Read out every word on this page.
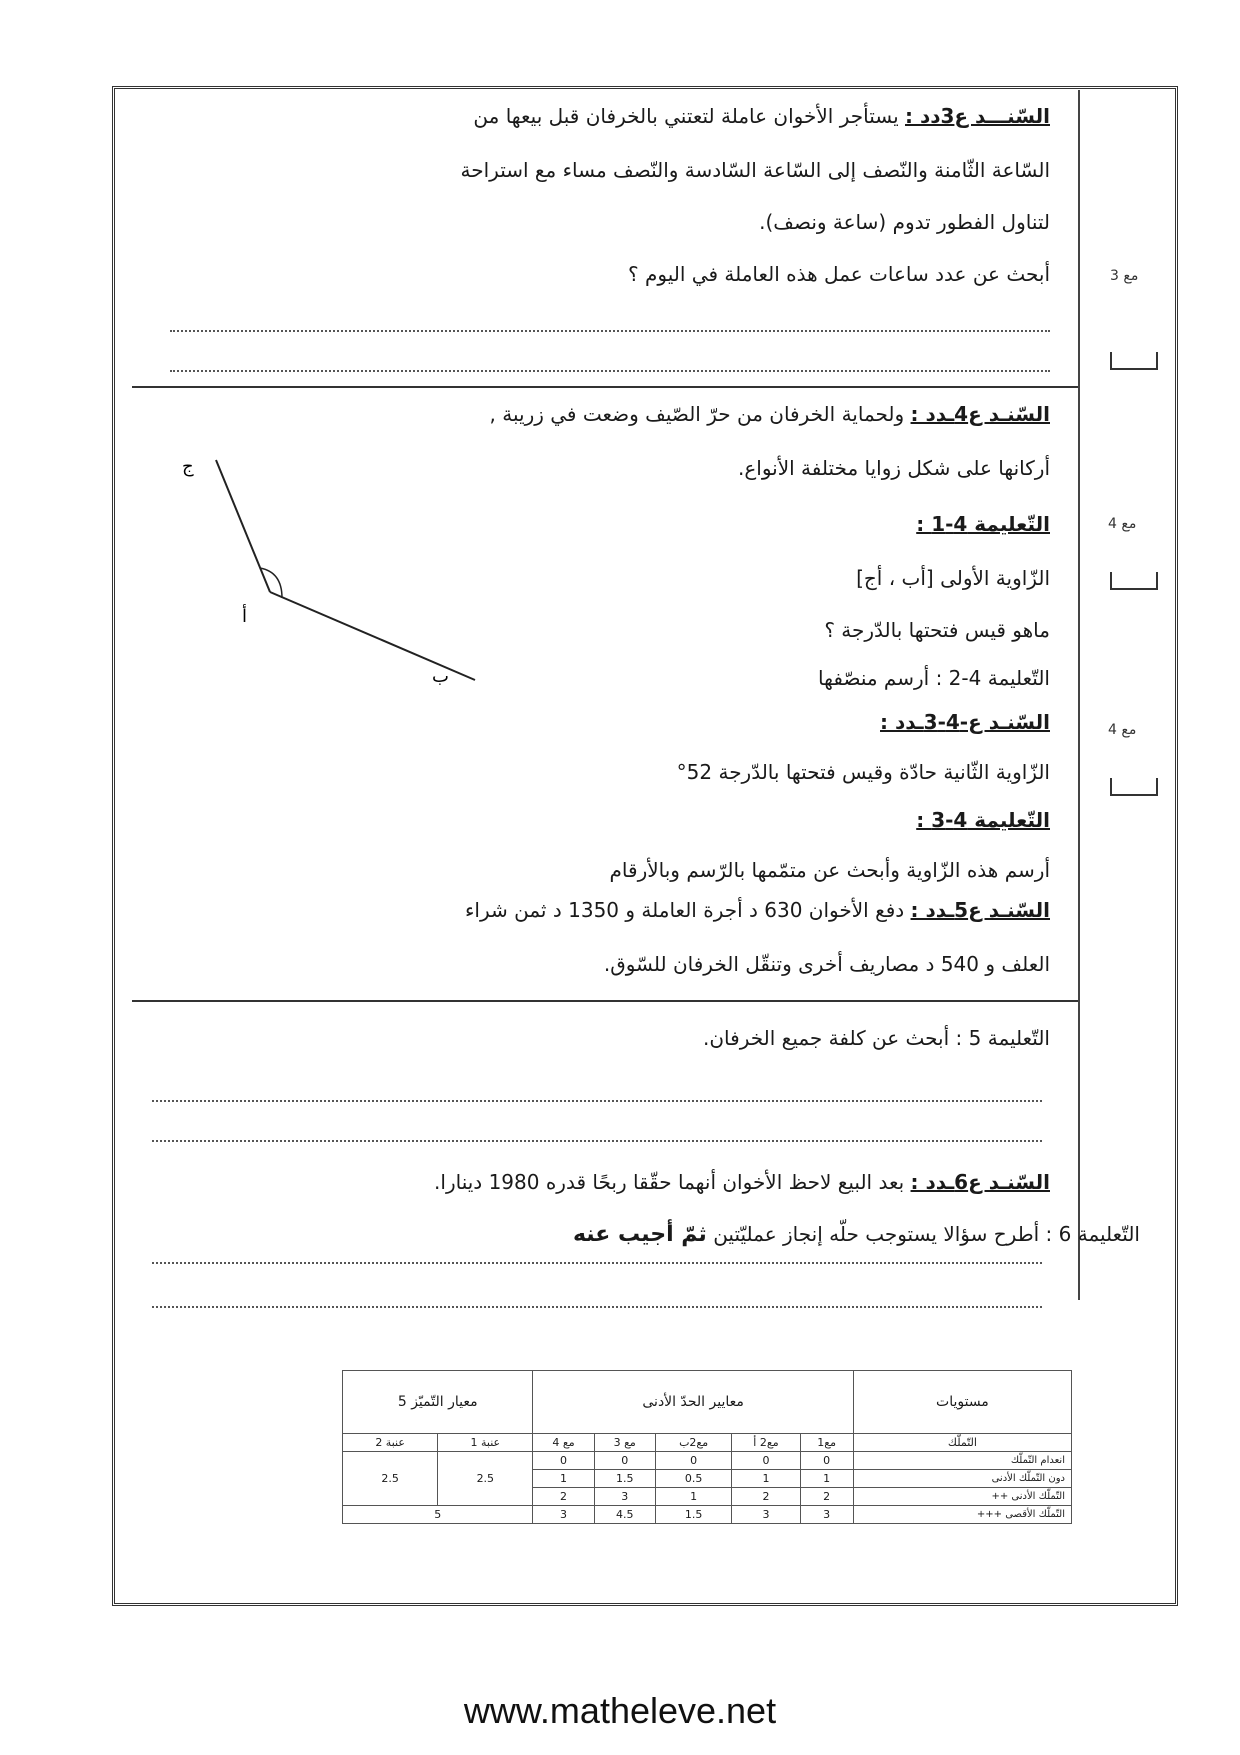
السّنـــد ع3دد : يستأجر الأخوان عاملة لتعتني بالخرفان قبل بيعها من
السّاعة الثّامنة والنّصف إلى السّاعة السّادسة والنّصف مساء مع استراحة
لتناول الفطور تدوم (ساعة ونصف).
أبحث عن عدد ساعات عمل هذه العاملة في اليوم ؟	مع 3
السّنـد ع4ـدد : ولحماية الخرفان من حرّ الصّيف وضعت في زريبة ,
أركانها على شكل زوايا مختلفة الأنواع.
التّعليمة 4-1 :
الزّاوية الأولى [أب ، أج]
ماهو قيس فتحتها بالدّرجة ؟
التّعليمة 4-2 : أرسم منصّفها
مع 4
ج
أ
ب
السّنـد ع-4-3ـدد :
الزّاوية الثّانية حادّة وقيس فتحتها بالدّرجة 52°
التّعليمة 4-3 :
أرسم هذه الزّاوية وأبحث عن متمّمها بالرّسم وبالأرقام
مع 4
السّنـد ع5ـدد : دفع الأخوان 630 د أجرة العاملة و 1350 د ثمن شراء
العلف و 540 د مصاريف أخرى وتنقّل الخرفان للسّوق.
التّعليمة 5 : أبحث عن كلفة جميع الخرفان.
السّنـد ع6ـدد : بعد البيع لاحظ الأخوان أنهما حقّقا ربحًا قدره 1980 دينارا.
التّعليمة 6 : أطرح سؤالا يستوجب حلّه إنجاز عمليّتين ثمّ أجيب عنه
مستويات	معايير الحدّ الأدنى					معيار التّميّز 5	
التّملّك	مع1	مع2 أ	مع2ب	مع 3	مع 4	عنبة 1	عنبة 2
انعدام التّملّك	0	0	0	0	0	2.5	2.5
دون التّملّك الأدنى	1	1	0.5	1.5	1		
التّملّك الأدنى ++	2	2	1	3	2		
التّملّك الأقصى +++	3	3	1.5	4.5	3	5	
www.matheleve.net
